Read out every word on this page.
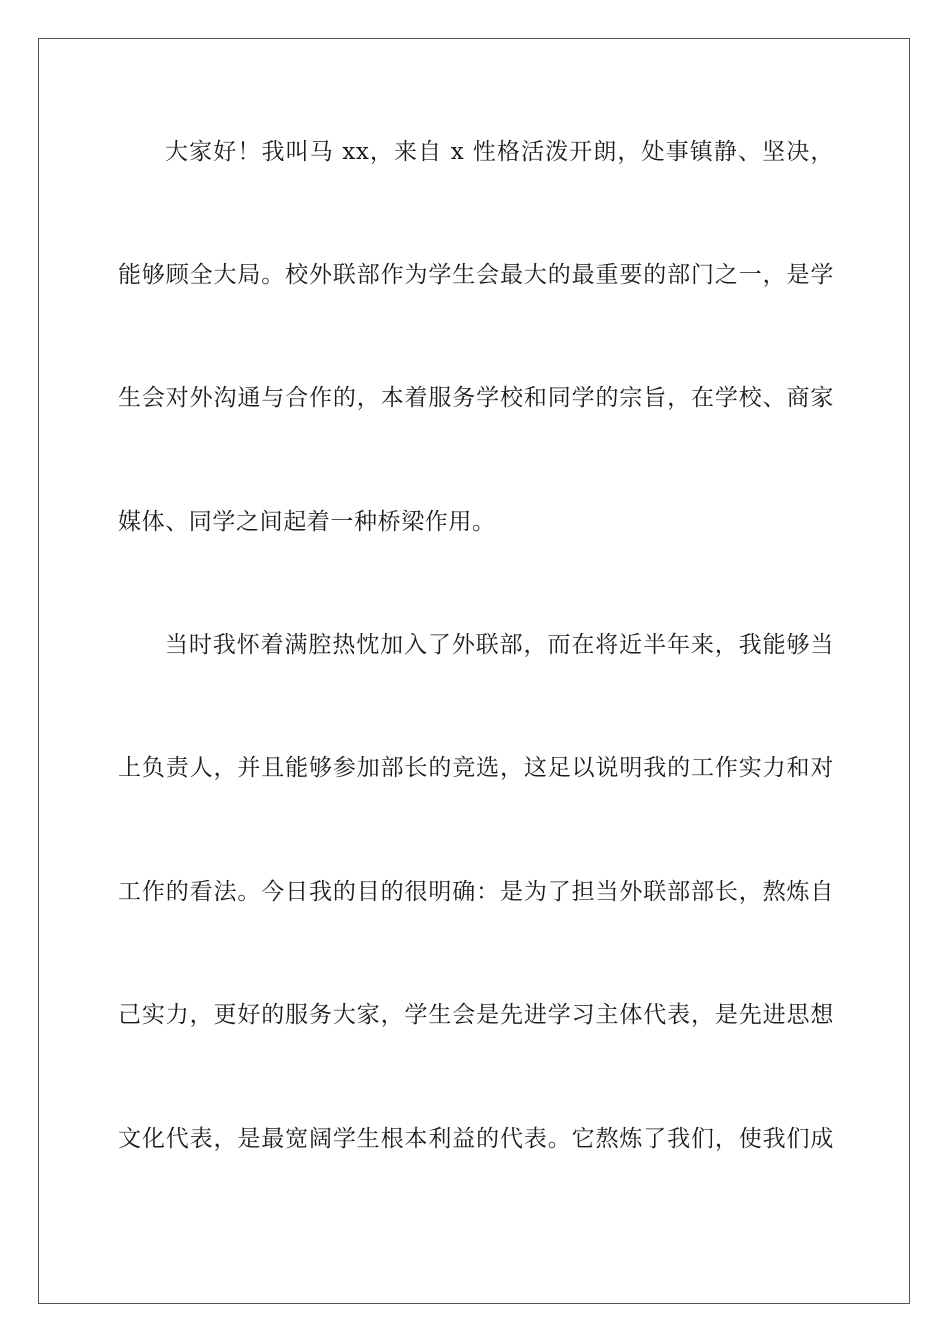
大家好！我叫马 xx，来自 x 性格活泼开朗，处事镇静、坚决，
能够顾全大局。校外联部作为学生会最大的最重要的部门之一，是学
生会对外沟通与合作的，本着服务学校和同学的宗旨，在学校、商家
媒体、同学之间起着一种桥梁作用。
当时我怀着满腔热忱加入了外联部，而在将近半年来，我能够当
上负责人，并且能够参加部长的竞选，这足以说明我的工作实力和对
工作的看法。今日我的目的很明确：是为了担当外联部部长，熬炼自
己实力，更好的服务大家，学生会是先进学习主体代表，是先进思想
文化代表，是最宽阔学生根本利益的代表。它熬炼了我们，使我们成
